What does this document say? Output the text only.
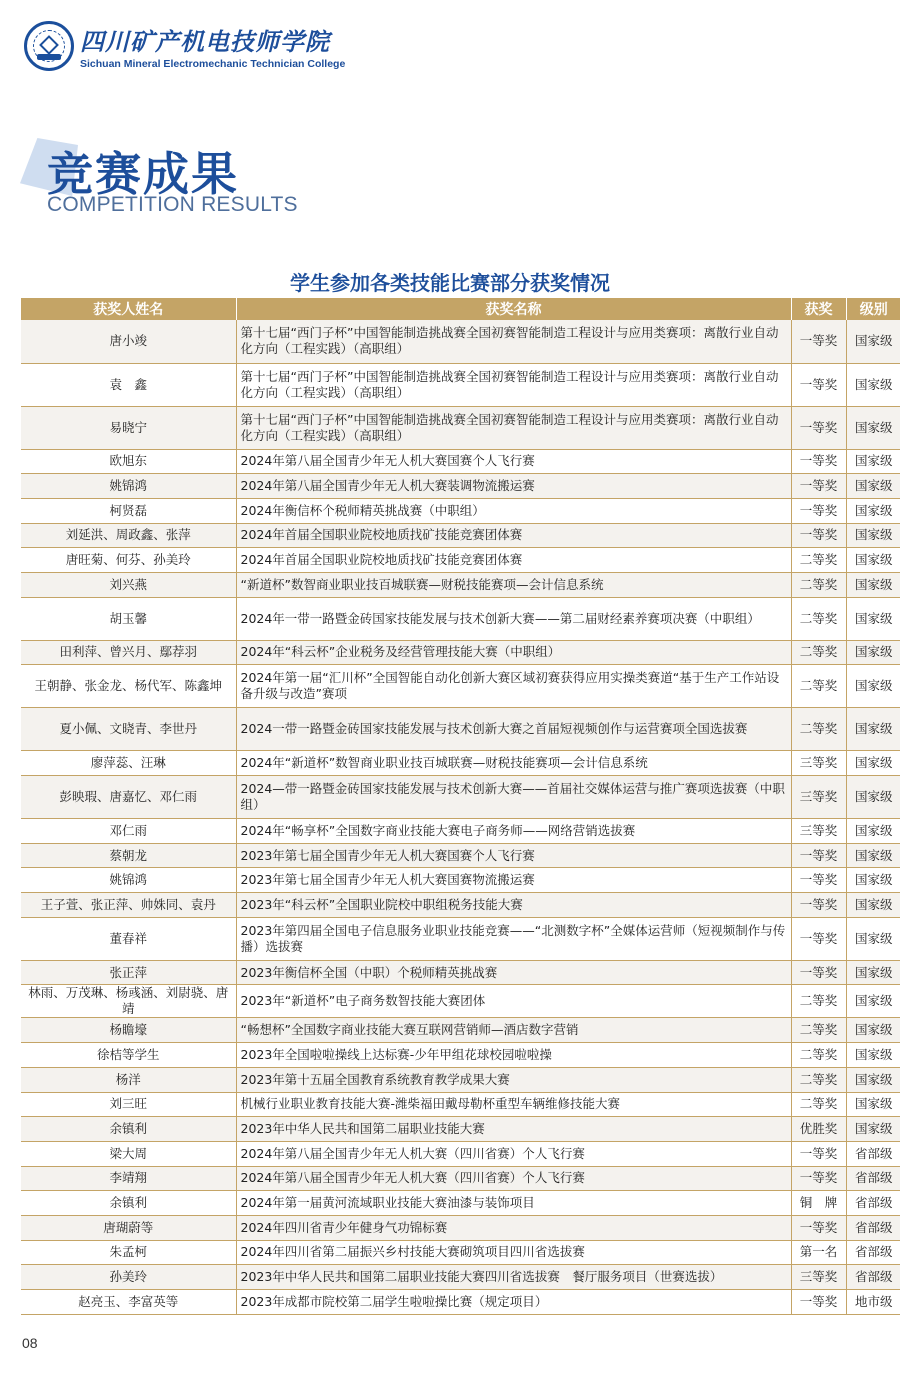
四川矿产机电技师学院
Sichuan Mineral Electromechanic Technician College
竞赛成果
COMPETITION RESULTS
学生参加各类技能比赛部分获奖情况
获奖人姓名	获奖名称	获奖	级别
唐小竣	第十七届“西门子杯”中国智能制造挑战赛全国初赛智能制造工程设计与应用类赛项：离散行业自动化方向（工程实践）（高职组）	一等奖	国家级
袁　鑫	第十七届“西门子杯”中国智能制造挑战赛全国初赛智能制造工程设计与应用类赛项：离散行业自动化方向（工程实践）（高职组）	一等奖	国家级
易晓宁	第十七届“西门子杯”中国智能制造挑战赛全国初赛智能制造工程设计与应用类赛项：离散行业自动化方向（工程实践）（高职组）	一等奖	国家级
欧旭东	2024年第八届全国青少年无人机大赛国赛个人飞行赛	一等奖	国家级
姚锦鸿	2024年第八届全国青少年无人机大赛装调物流搬运赛	一等奖	国家级
柯贤磊	2024年衡信杯个税师精英挑战赛（中职组）	一等奖	国家级
刘延洪、周政鑫、张萍	2024年首届全国职业院校地质找矿技能竞赛团体赛	一等奖	国家级
唐旺菊、何芬、孙美玲	2024年首届全国职业院校地质找矿技能竞赛团体赛	二等奖	国家级
刘兴燕	“新道杯”数智商业职业技百城联赛—财税技能赛项—会计信息系统	二等奖	国家级
胡玉馨	2024年一带一路暨金砖国家技能发展与技术创新大赛——第二届财经素养赛项决赛（中职组）	二等奖	国家级
田利萍、曾兴月、鄢荐羽	2024年“科云杯”企业税务及经营管理技能大赛（中职组）	二等奖	国家级
王朝静、张金龙、杨代军、陈鑫坤	2024年第一届“汇川杯”全国智能自动化创新大赛区域初赛获得应用实操类赛道“基于生产工作站设备升级与改造”赛项	二等奖	国家级
夏小佩、文晓青、李世丹	2024一带一路暨金砖国家技能发展与技术创新大赛之首届短视频创作与运营赛项全国选拔赛	二等奖	国家级
廖萍蕊、汪琳	2024年“新道杯”数智商业职业技百城联赛—财税技能赛项—会计信息系统	三等奖	国家级
彭映瑕、唐嘉忆、邓仁雨	2024—带一路暨金砖国家技能发展与技术创新大赛——首届社交媒体运营与推广赛项选拔赛（中职组）	三等奖	国家级
邓仁雨	2024年“畅享杯”全国数字商业技能大赛电子商务师——网络营销选拔赛	三等奖	国家级
蔡朝龙	2023年第七届全国青少年无人机大赛国赛个人飞行赛	一等奖	国家级
姚锦鸿	2023年第七届全国青少年无人机大赛国赛物流搬运赛	一等奖	国家级
王子萱、张正萍、帅姝同、袁丹	2023年“科云杯”全国职业院校中职组税务技能大赛	一等奖	国家级
董春祥	2023年第四届全国电子信息服务业职业技能竞赛——“北测数字杯”全媒体运营师（短视频制作与传播）选拔赛	一等奖	国家级
张正萍	2023年衡信杯全国（中职）个税师精英挑战赛	一等奖	国家级
林雨、万茂琳、杨彧涵、刘尉骁、唐靖	2023年“新道杯”电子商务数智技能大赛团体	二等奖	国家级
杨瞻壕	“畅想杯”全国数字商业技能大赛互联网营销师—酒店数字营销	二等奖	国家级
徐桔等学生	2023年全国啦啦操线上达标赛-少年甲组花球校园啦啦操	二等奖	国家级
杨洋	2023年第十五届全国教育系统教育教学成果大赛	二等奖	国家级
刘三旺	机械行业职业教育技能大赛-潍柴福田戴母勒杯重型车辆维修技能大赛	二等奖	国家级
余镇利	2023年中华人民共和国第二届职业技能大赛	优胜奖	国家级
梁大周	2024年第八届全国青少年无人机大赛（四川省赛）个人飞行赛	一等奖	省部级
李靖翔	2024年第八届全国青少年无人机大赛（四川省赛）个人飞行赛	一等奖	省部级
余镇利	2024年第一届黄河流域职业技能大赛油漆与装饰项目	铜　牌	省部级
唐瑚蔚等	2024年四川省青少年健身气功锦标赛	一等奖	省部级
朱孟柯	2024年四川省第二届振兴乡村技能大赛砌筑项目四川省选拔赛	第一名	省部级
孙美玲	2023年中华人民共和国第二届职业技能大赛四川省选拔赛　餐厅服务项目（世赛选拔）	三等奖	省部级
赵亮玉、李富英等	2023年成都市院校第二届学生啦啦操比赛（规定项目）	一等奖	地市级
08
